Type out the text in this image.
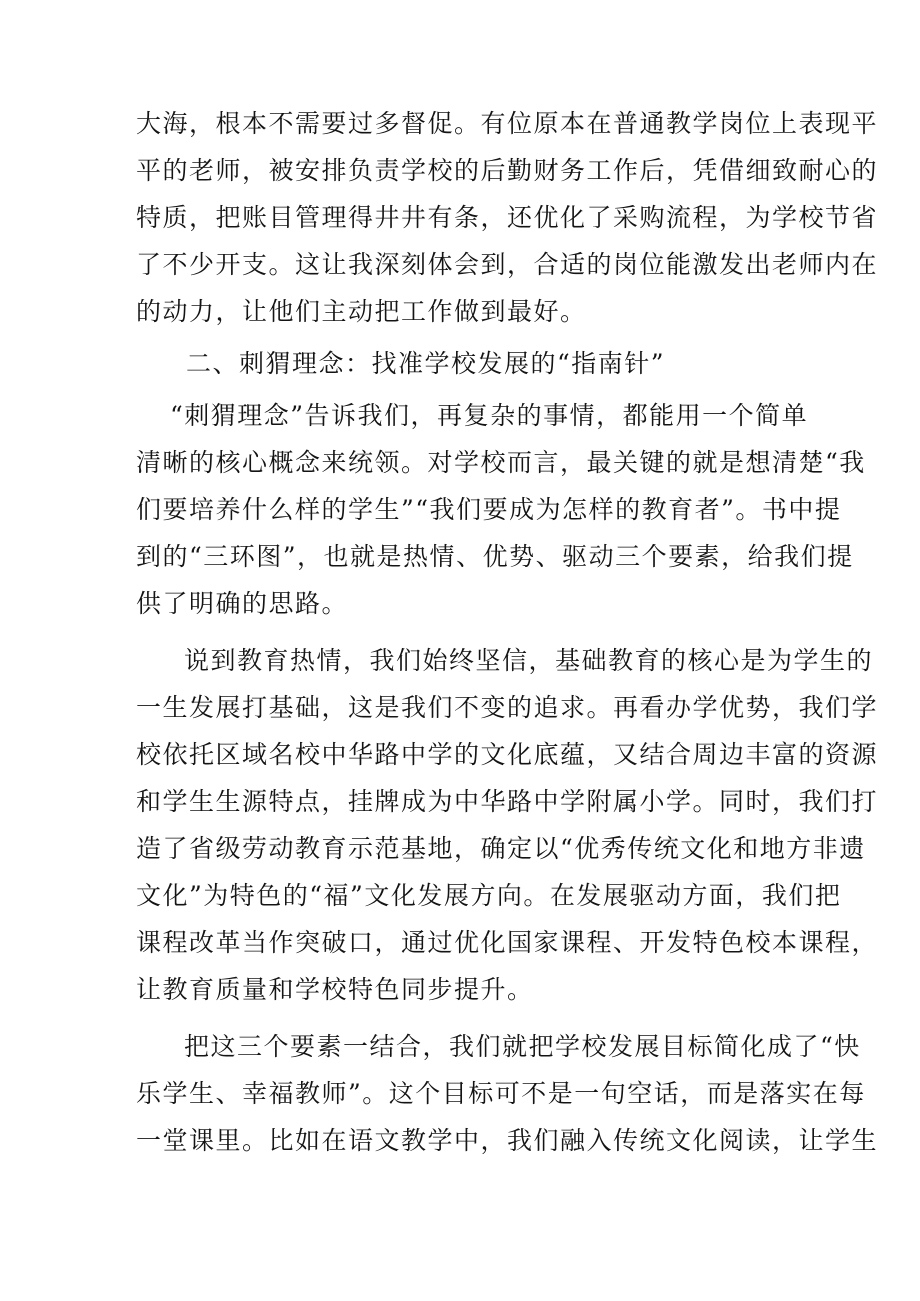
大海，根本不需要过多督促。有位原本在普通教学岗位上表现平
平的老师，被安排负责学校的后勤财务工作后，凭借细致耐心的
特质，把账目管理得井井有条，还优化了采购流程，为学校节省
了不少开支。这让我深刻体会到，合适的岗位能激发出老师内在
的动力，让他们主动把工作做到最好。
二、刺猬理念：找准学校发展的“指南针”
“刺猬理念”告诉我们，再复杂的事情，都能用一个简单
清晰的核心概念来统领。对学校而言，最关键的就是想清楚“我
们要培养什么样的学生”“我们要成为怎样的教育者”。书中提
到的“三环图”，也就是热情、优势、驱动三个要素，给我们提
供了明确的思路。
说到教育热情，我们始终坚信，基础教育的核心是为学生的
一生发展打基础，这是我们不变的追求。再看办学优势，我们学
校依托区域名校中华路中学的文化底蕴，又结合周边丰富的资源
和学生生源特点，挂牌成为中华路中学附属小学。同时，我们打
造了省级劳动教育示范基地，确定以“优秀传统文化和地方非遗
文化”为特色的“福”文化发展方向。在发展驱动方面，我们把
课程改革当作突破口，通过优化国家课程、开发特色校本课程，
让教育质量和学校特色同步提升。
把这三个要素一结合，我们就把学校发展目标简化成了“快
乐学生、幸福教师”。这个目标可不是一句空话，而是落实在每
一堂课里。比如在语文教学中，我们融入传统文化阅读，让学生
